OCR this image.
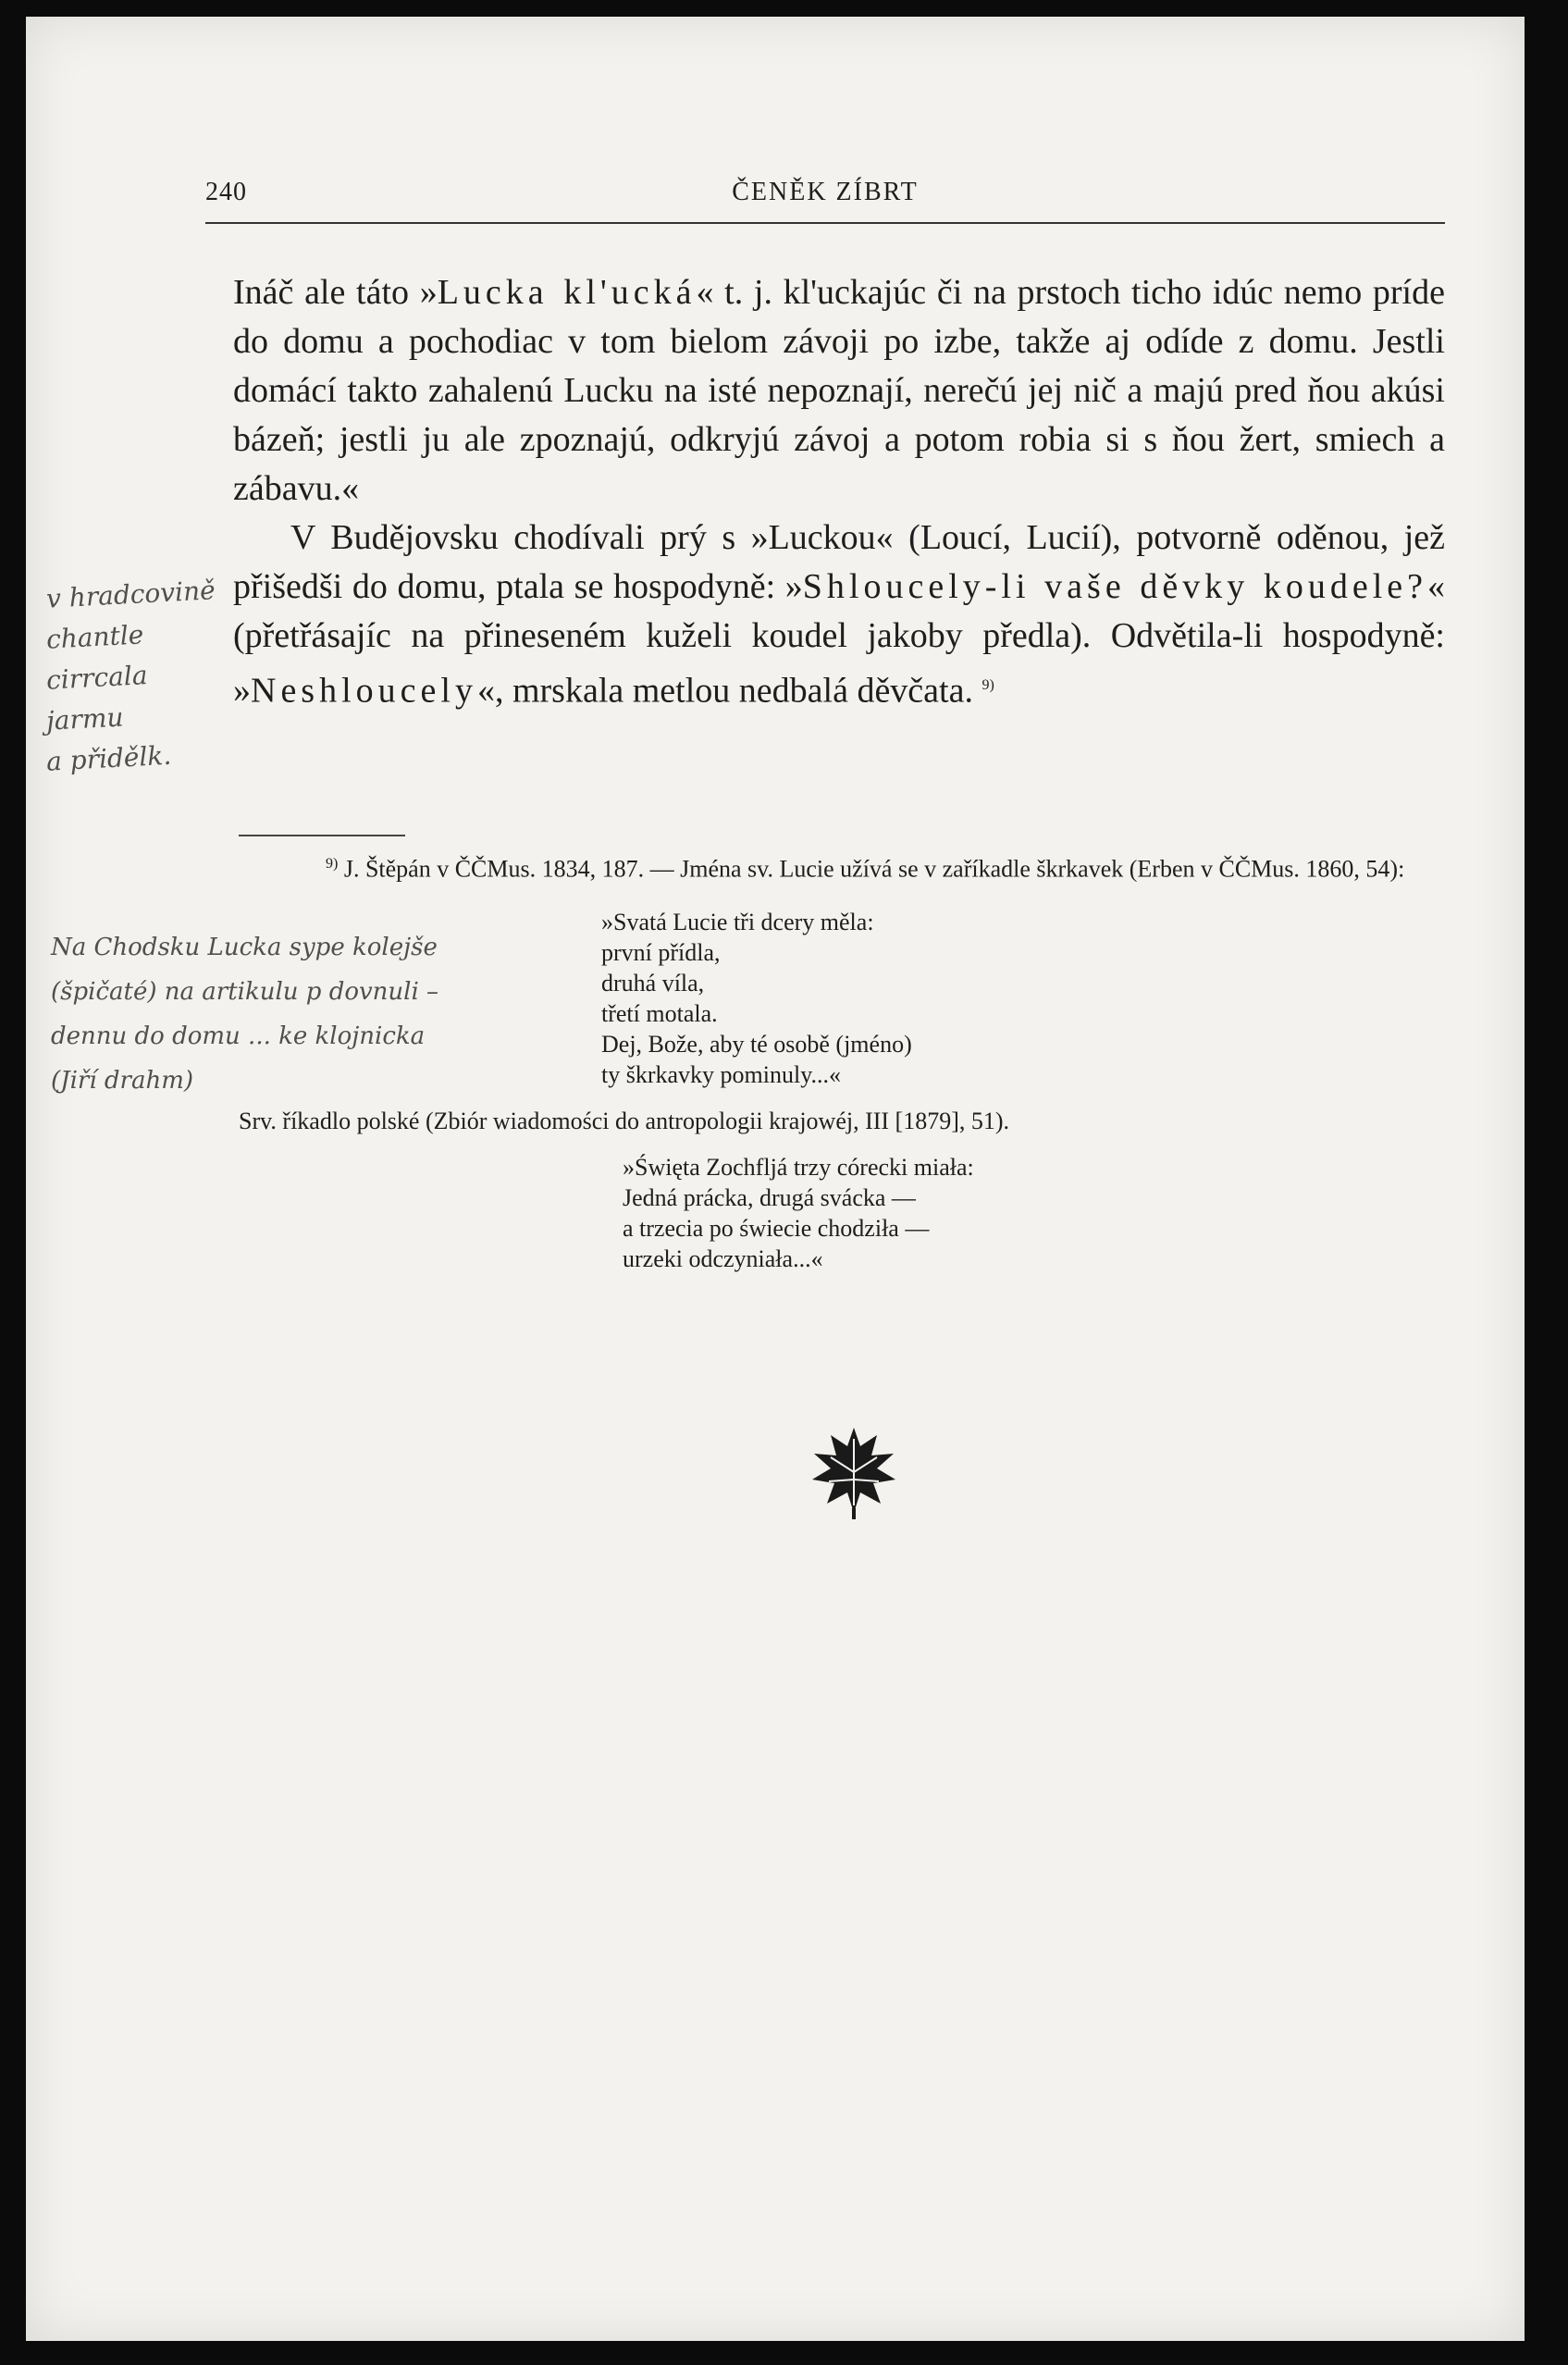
240	ČENĚK ZÍBRT

Ináč ale táto »Lucka kl'ucká« t. j. kl'uckajúc či na prstoch ticho idúc nemo príde do domu a pochodiac v tom bielom závoji po izbe, takže aj odíde z domu. Jestli domácí takto zahalenú Lucku na isté nepoznají, nerečú jej nič a majú pred ňou akúsi bázeň; jestli ju ale zpoznajú, odkryjú závoj a potom robia si s ňou žert, smiech a zábavu.«

V Budějovsku chodívali prý s »Luckou« (Loucí, Lucií), potvorně oděnou, jež přišedši do domu, ptala se hospodyně: »Shloucely-li vaše děvky koudele?« (přetřásajíc na přineseném kuželi koudel jakoby předla). Odvětila-li hospodyně: »Neshloucely«, mrskala metlou nedbalá děvčata. $^{9)}$

$^{9)}$ J. Štěpán v ČČMus. 1834, 187. — Jména sv. Lucie užívá se v zaříkadle škrkavek (Erben v ČČMus. 1860, 54):

»Svatá Lucie tři dcery měla:
první přídla,
druhá víla,
třetí motala.
Dej, Bože, aby té osobě (jméno)
ty škrkavky pominuly...«

Srv. říkadlo polské (Zbiór wiadomości do antropologii krajowéj, III [1879], 51).

»Święta Zochfljá trzy córecki miała:
Jedná prácka, drugá svácka —
a trzecia po świecie chodziła —
urzeki odczyniała...«
v hradcovině
chantle
cirrcala
jarmu
a přidělk.
Na Chodsku Lucka sype kolejše
(špičaté) na artikulu p dovnuli –
dennu do domu ... ke klojnicka
(Jiří drahm)
